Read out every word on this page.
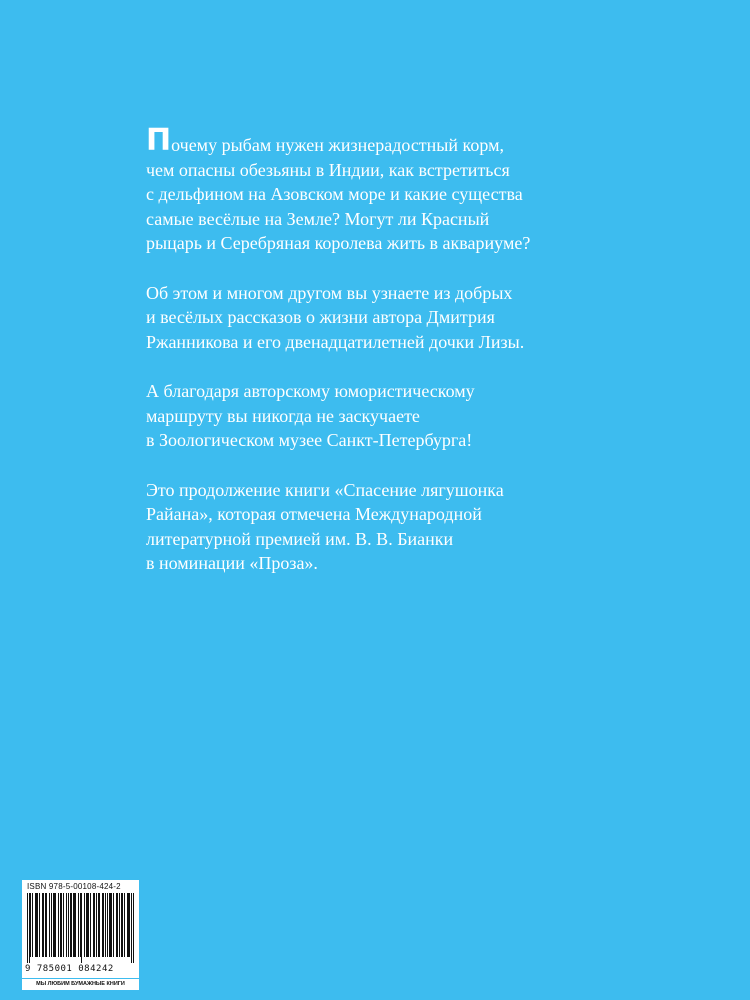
Почему рыбам нужен жизнерадостный корм,
чем опасны обезьяны в Индии, как встретиться
с дельфином на Азовском море и какие существа
самые весёлые на Земле? Могут ли Красный
рыцарь и Серебряная королева жить в аквариуме?
Об этом и многом другом вы узнаете из добрых
и весёлых рассказов о жизни автора Дмитрия
Ржанникова и его двенадцатилетней дочки Лизы.
А благодаря авторскому юмористическому
маршруту вы никогда не заскучаете
в Зоологическом музее Санкт-Петербурга!
Это продолжение книги «Спасение лягушонка
Райана», которая отмечена Международной
литературной премией им. В. В. Бианки
в номинации «Проза».
ISBN 978-5-00108-424-2
9 785001 084242
МЫ ЛЮБИМ БУМАЖНЫЕ КНИГИ
